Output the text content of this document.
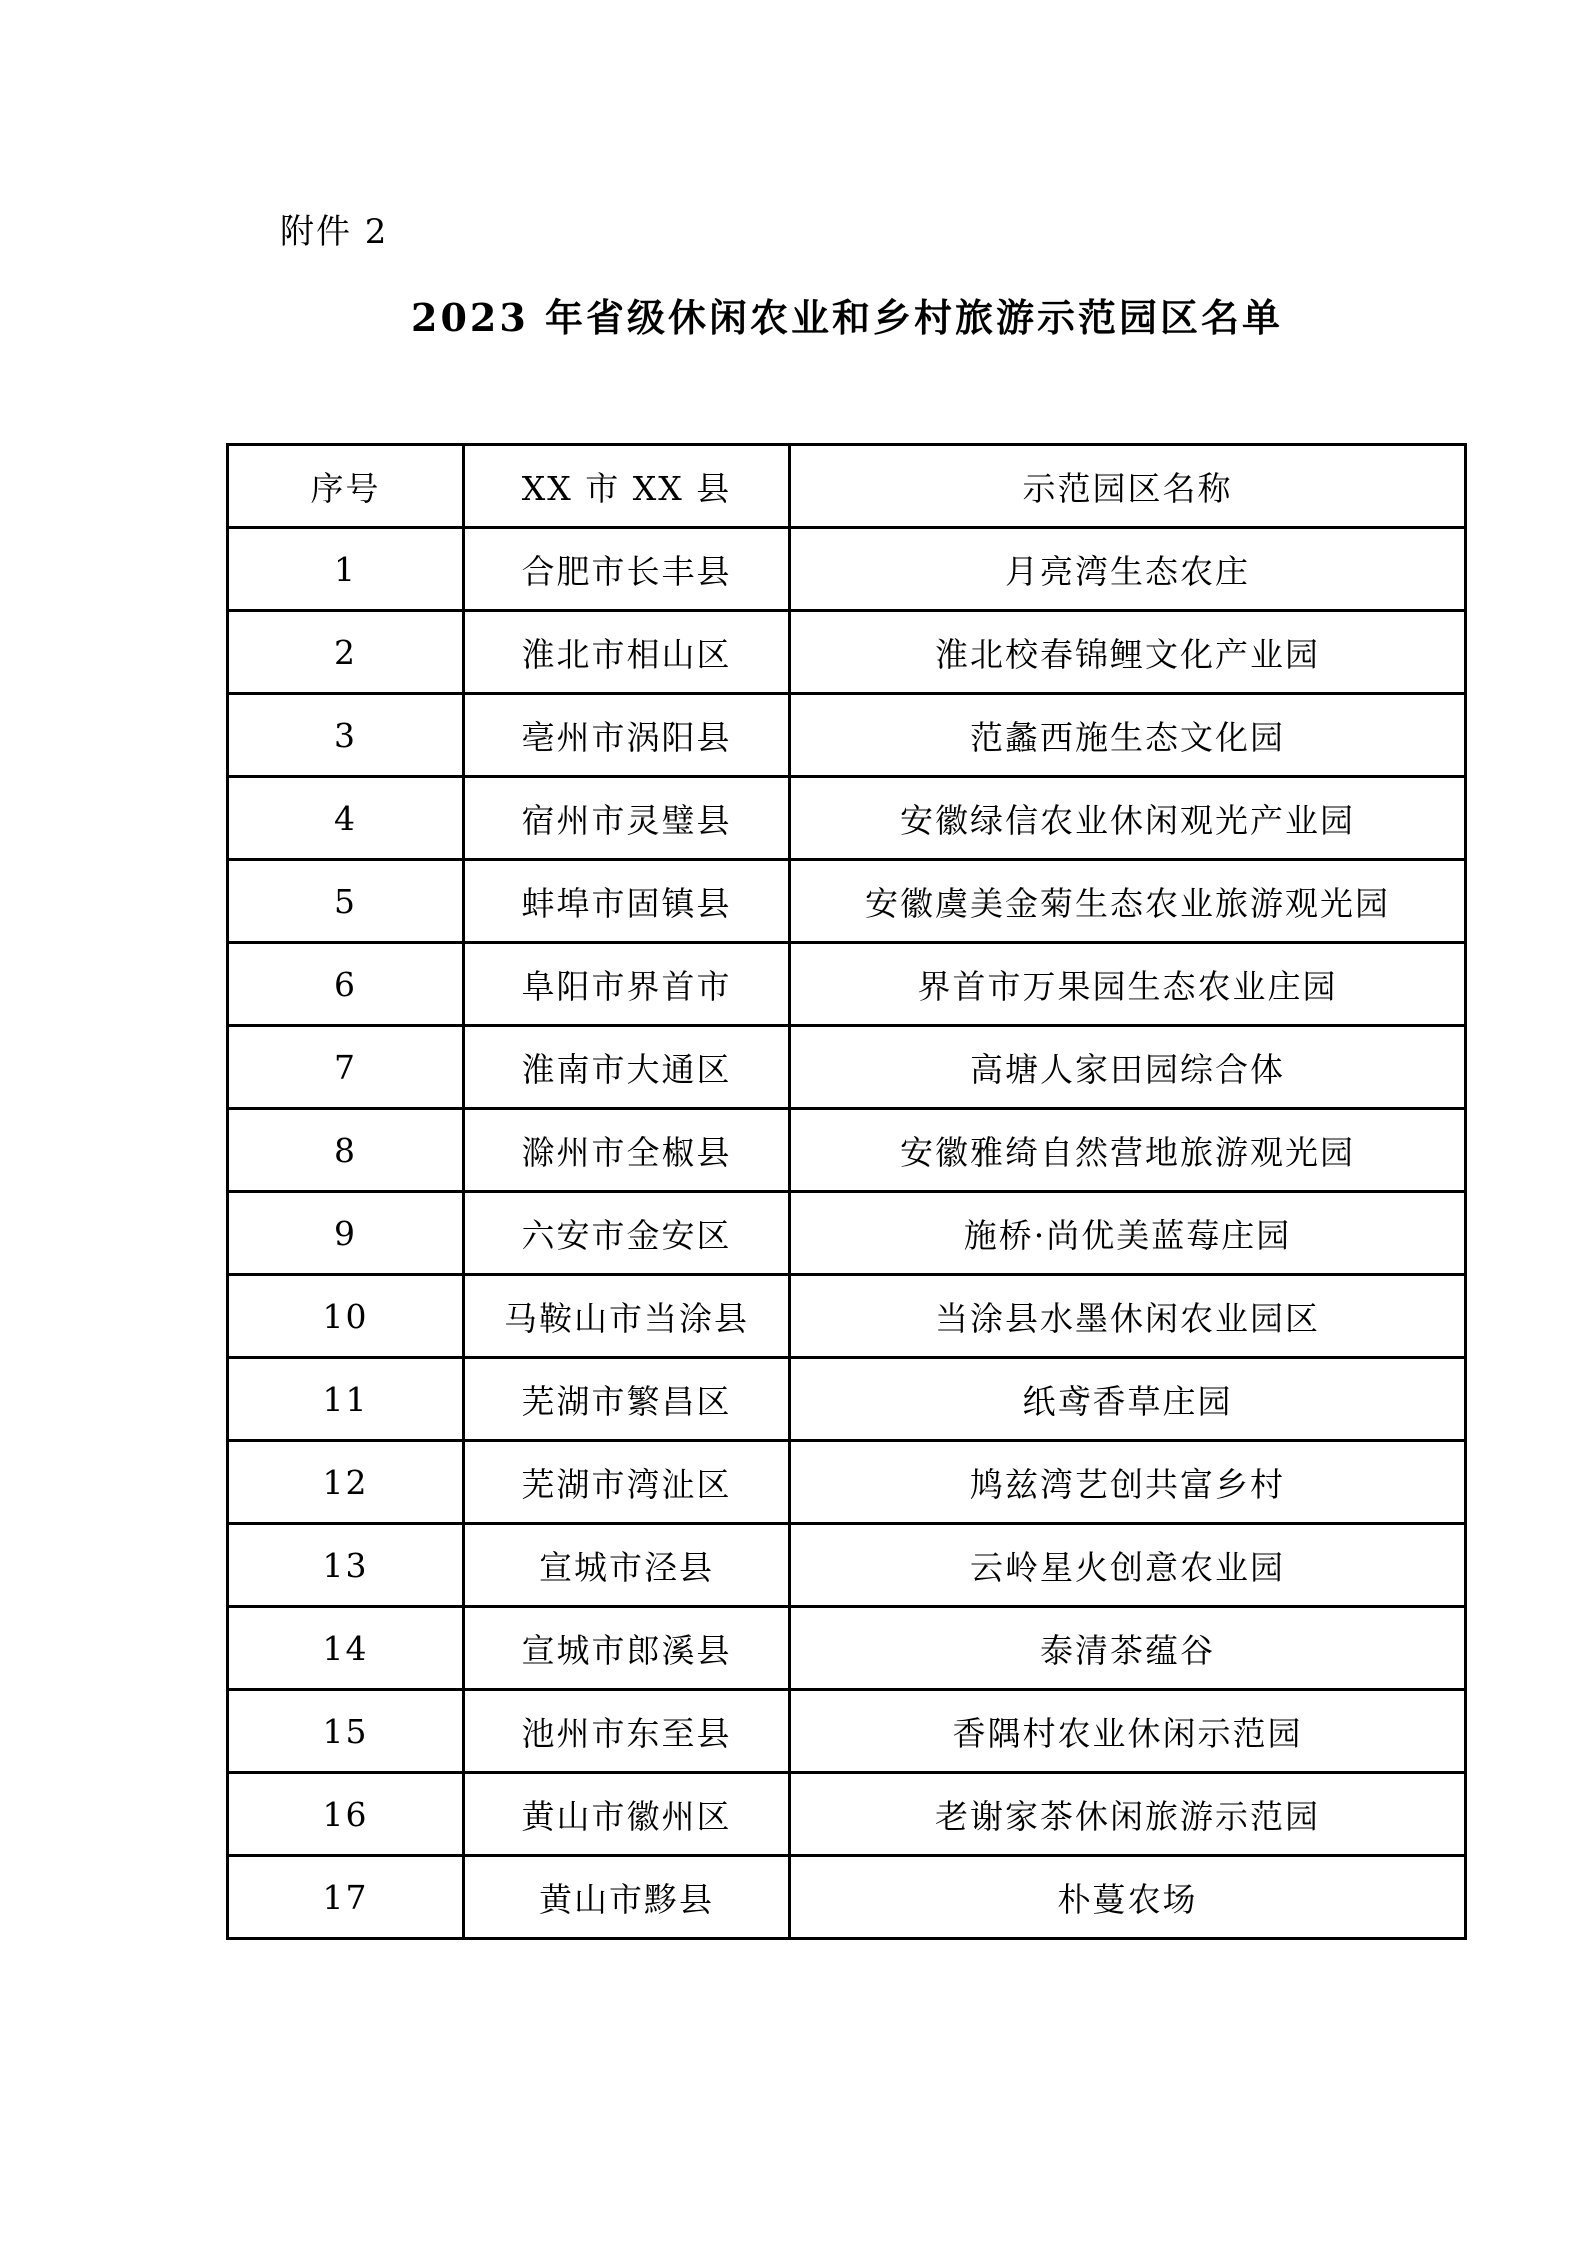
附件 2
2023 年省级休闲农业和乡村旅游示范园区名单
序号	XX 市 XX 县	示范园区名称
1	合肥市长丰县	月亮湾生态农庄
2	淮北市相山区	淮北校春锦鲤文化产业园
3	亳州市涡阳县	范蠡西施生态文化园
4	宿州市灵璧县	安徽绿信农业休闲观光产业园
5	蚌埠市固镇县	安徽虞美金菊生态农业旅游观光园
6	阜阳市界首市	界首市万果园生态农业庄园
7	淮南市大通区	高塘人家田园综合体
8	滁州市全椒县	安徽雅绮自然营地旅游观光园
9	六安市金安区	施桥·尚优美蓝莓庄园
10	马鞍山市当涂县	当涂县水墨休闲农业园区
11	芜湖市繁昌区	纸鸢香草庄园
12	芜湖市湾沚区	鸠兹湾艺创共富乡村
13	宣城市泾县	云岭星火创意农业园
14	宣城市郎溪县	泰清茶蕴谷
15	池州市东至县	香隅村农业休闲示范园
16	黄山市徽州区	老谢家茶休闲旅游示范园
17	黄山市黟县	朴蔓农场
